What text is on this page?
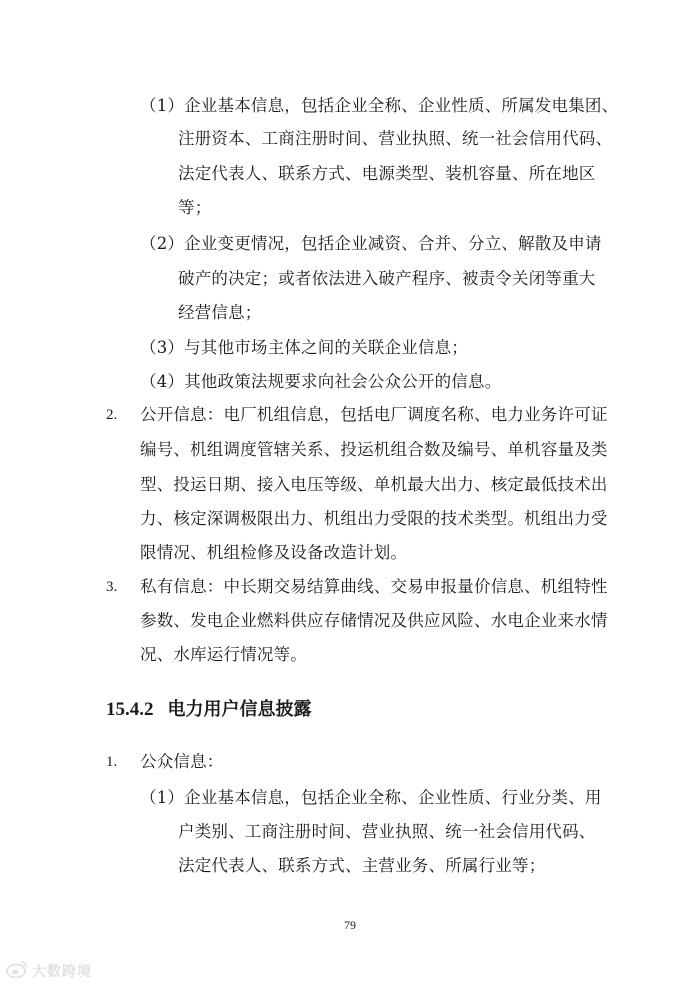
（1）企业基本信息，包括企业全称、企业性质、所属发电集团、
注册资本、工商注册时间、营业执照、统一社会信用代码、
法定代表人、联系方式、电源类型、装机容量、所在地区
等；
（2）企业变更情况，包括企业减资、合并、分立、解散及申请
破产的决定；或者依法进入破产程序、被责令关闭等重大
经营信息；
（3）与其他市场主体之间的关联企业信息；
（4）其他政策法规要求向社会公众公开的信息。
2. 公开信息：电厂机组信息，包括电厂调度名称、电力业务许可证
编号、机组调度管辖关系、投运机组合数及编号、单机容量及类
型、投运日期、接入电压等级、单机最大出力、核定最低技术出
力、核定深调极限出力、机组出力受限的技术类型。机组出力受
限情况、机组检修及设备改造计划。
3. 私有信息：中长期交易结算曲线、交易申报量价信息、机组特性
参数、发电企业燃料供应存储情况及供应风险、水电企业来水情
况、水库运行情况等。
15.4.2 电力用户信息披露
1. 公众信息：
（1）企业基本信息，包括企业全称、企业性质、行业分类、用
户类别、工商注册时间、营业执照、统一社会信用代码、
法定代表人、联系方式、主营业务、所属行业等；
79
大数跨境
